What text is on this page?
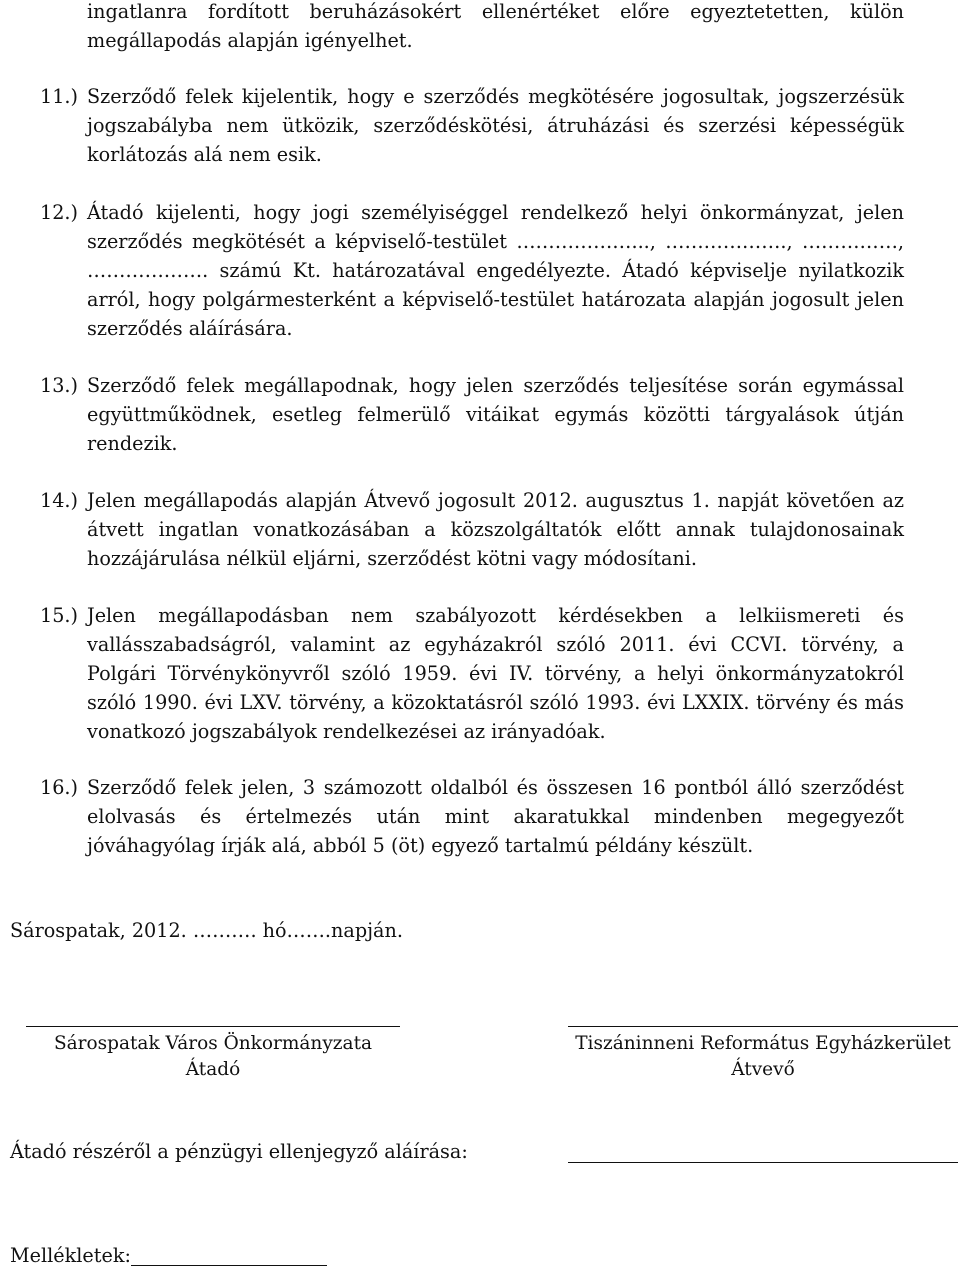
ingatlanra fordított beruházásokért ellenértéket előre egyeztetetten, külön megállapodás alapján igényelhet.

11.) Szerződő felek kijelentik, hogy e szerződés megkötésére jogosultak, jogszerzésük jogszabályba nem ütközik, szerződéskötési, átruházási és szerzési képességük korlátozás alá nem esik.

12.) Átadó kijelenti, hogy jogi személyiséggel rendelkező helyi önkormányzat, jelen szerződés megkötését a képviselő-testület ………………..., ………………., ……………, ………………. számú Kt. határozatával engedélyezte. Átadó képviselje nyilatkozik arról, hogy polgármesterként a képviselő-testület határozata alapján jogosult jelen szerződés aláírására.

13.) Szerződő felek megállapodnak, hogy jelen szerződés teljesítése során egymással együttműködnek, esetleg felmerülő vitáikat egymás közötti tárgyalások útján rendezik.

14.) Jelen megállapodás alapján Átvevő jogosult 2012. augusztus 1. napját követően az átvett ingatlan vonatkozásában a közszolgáltatók előtt annak tulajdonosainak hozzájárulása nélkül eljárni, szerződést kötni vagy módosítani.

15.) Jelen megállapodásban nem szabályozott kérdésekben a lelkiismereti és vallásszabadságról, valamint az egyházakról szóló 2011. évi CCVI. törvény, a Polgári Törvénykönyvről szóló 1959. évi IV. törvény, a helyi önkormányzatokról szóló 1990. évi LXV. törvény, a közoktatásról szóló 1993. évi LXXIX. törvény és más vonatkozó jogszabályok rendelkezései az irányadóak.

16.) Szerződő felek jelen, 3 számozott oldalból és összesen 16 pontból álló szerződést elolvasás és értelmezés után mint akaratukkal mindenben megegyezőt jóváhagyólag írják alá, abból 5 (öt) egyező tartalmú példány készült.

Sárospatak, 2012. ………. hó…….napján.

Sárospatak Város Önkormányzata
Átadó
Tiszáninneni Református Egyházkerület
Átvevő

Átadó részéről a pénzügyi ellenjegyző aláírása:

Mellékletek:
